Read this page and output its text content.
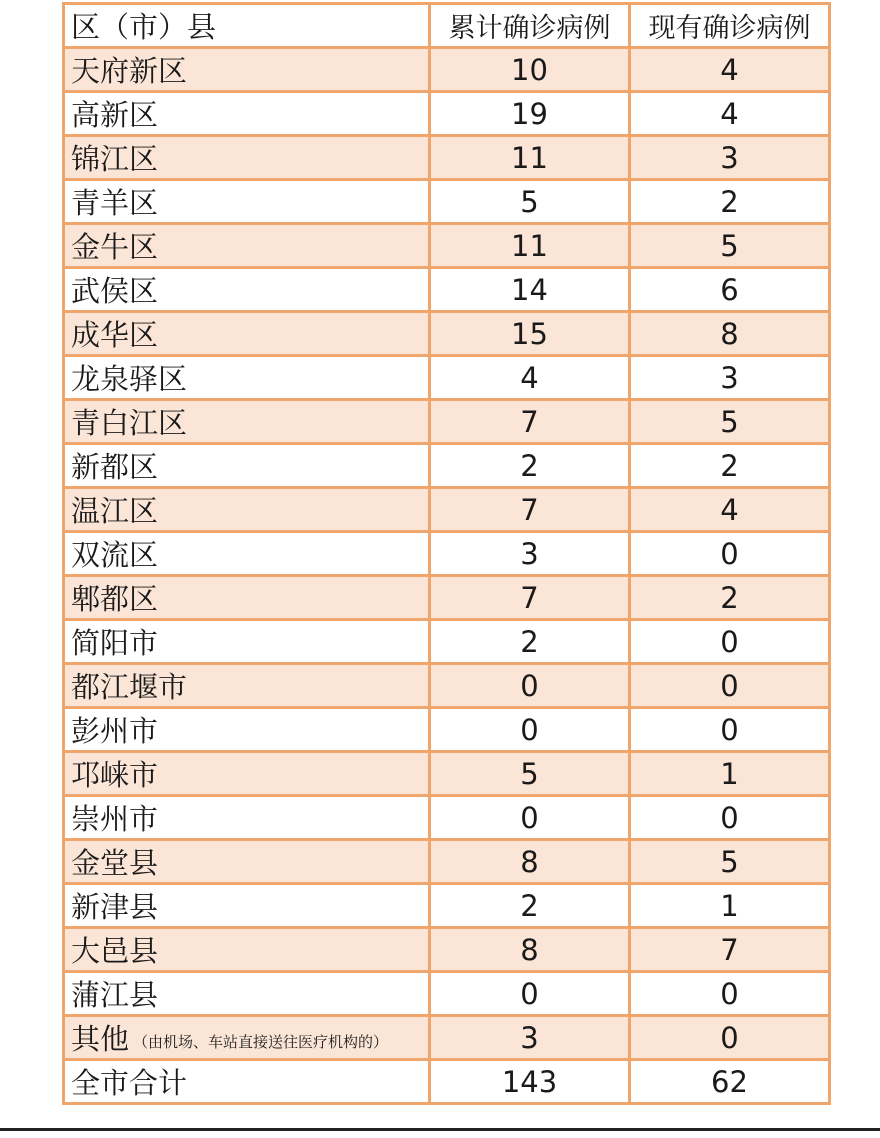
区（市）县	累计确诊病例	现有确诊病例
天府新区	10	4
高新区	19	4
锦江区	11	3
青羊区	5	2
金牛区	11	5
武侯区	14	6
成华区	15	8
龙泉驿区	4	3
青白江区	7	5
新都区	2	2
温江区	7	4
双流区	3	0
郫都区	7	2
简阳市	2	0
都江堰市	0	0
彭州市	0	0
邛崃市	5	1
崇州市	0	0
金堂县	8	5
新津县	2	1
大邑县	8	7
蒲江县	0	0
其他 （由机场、车站直接送往医疗机构的）	3	0
全市合计	143	62
